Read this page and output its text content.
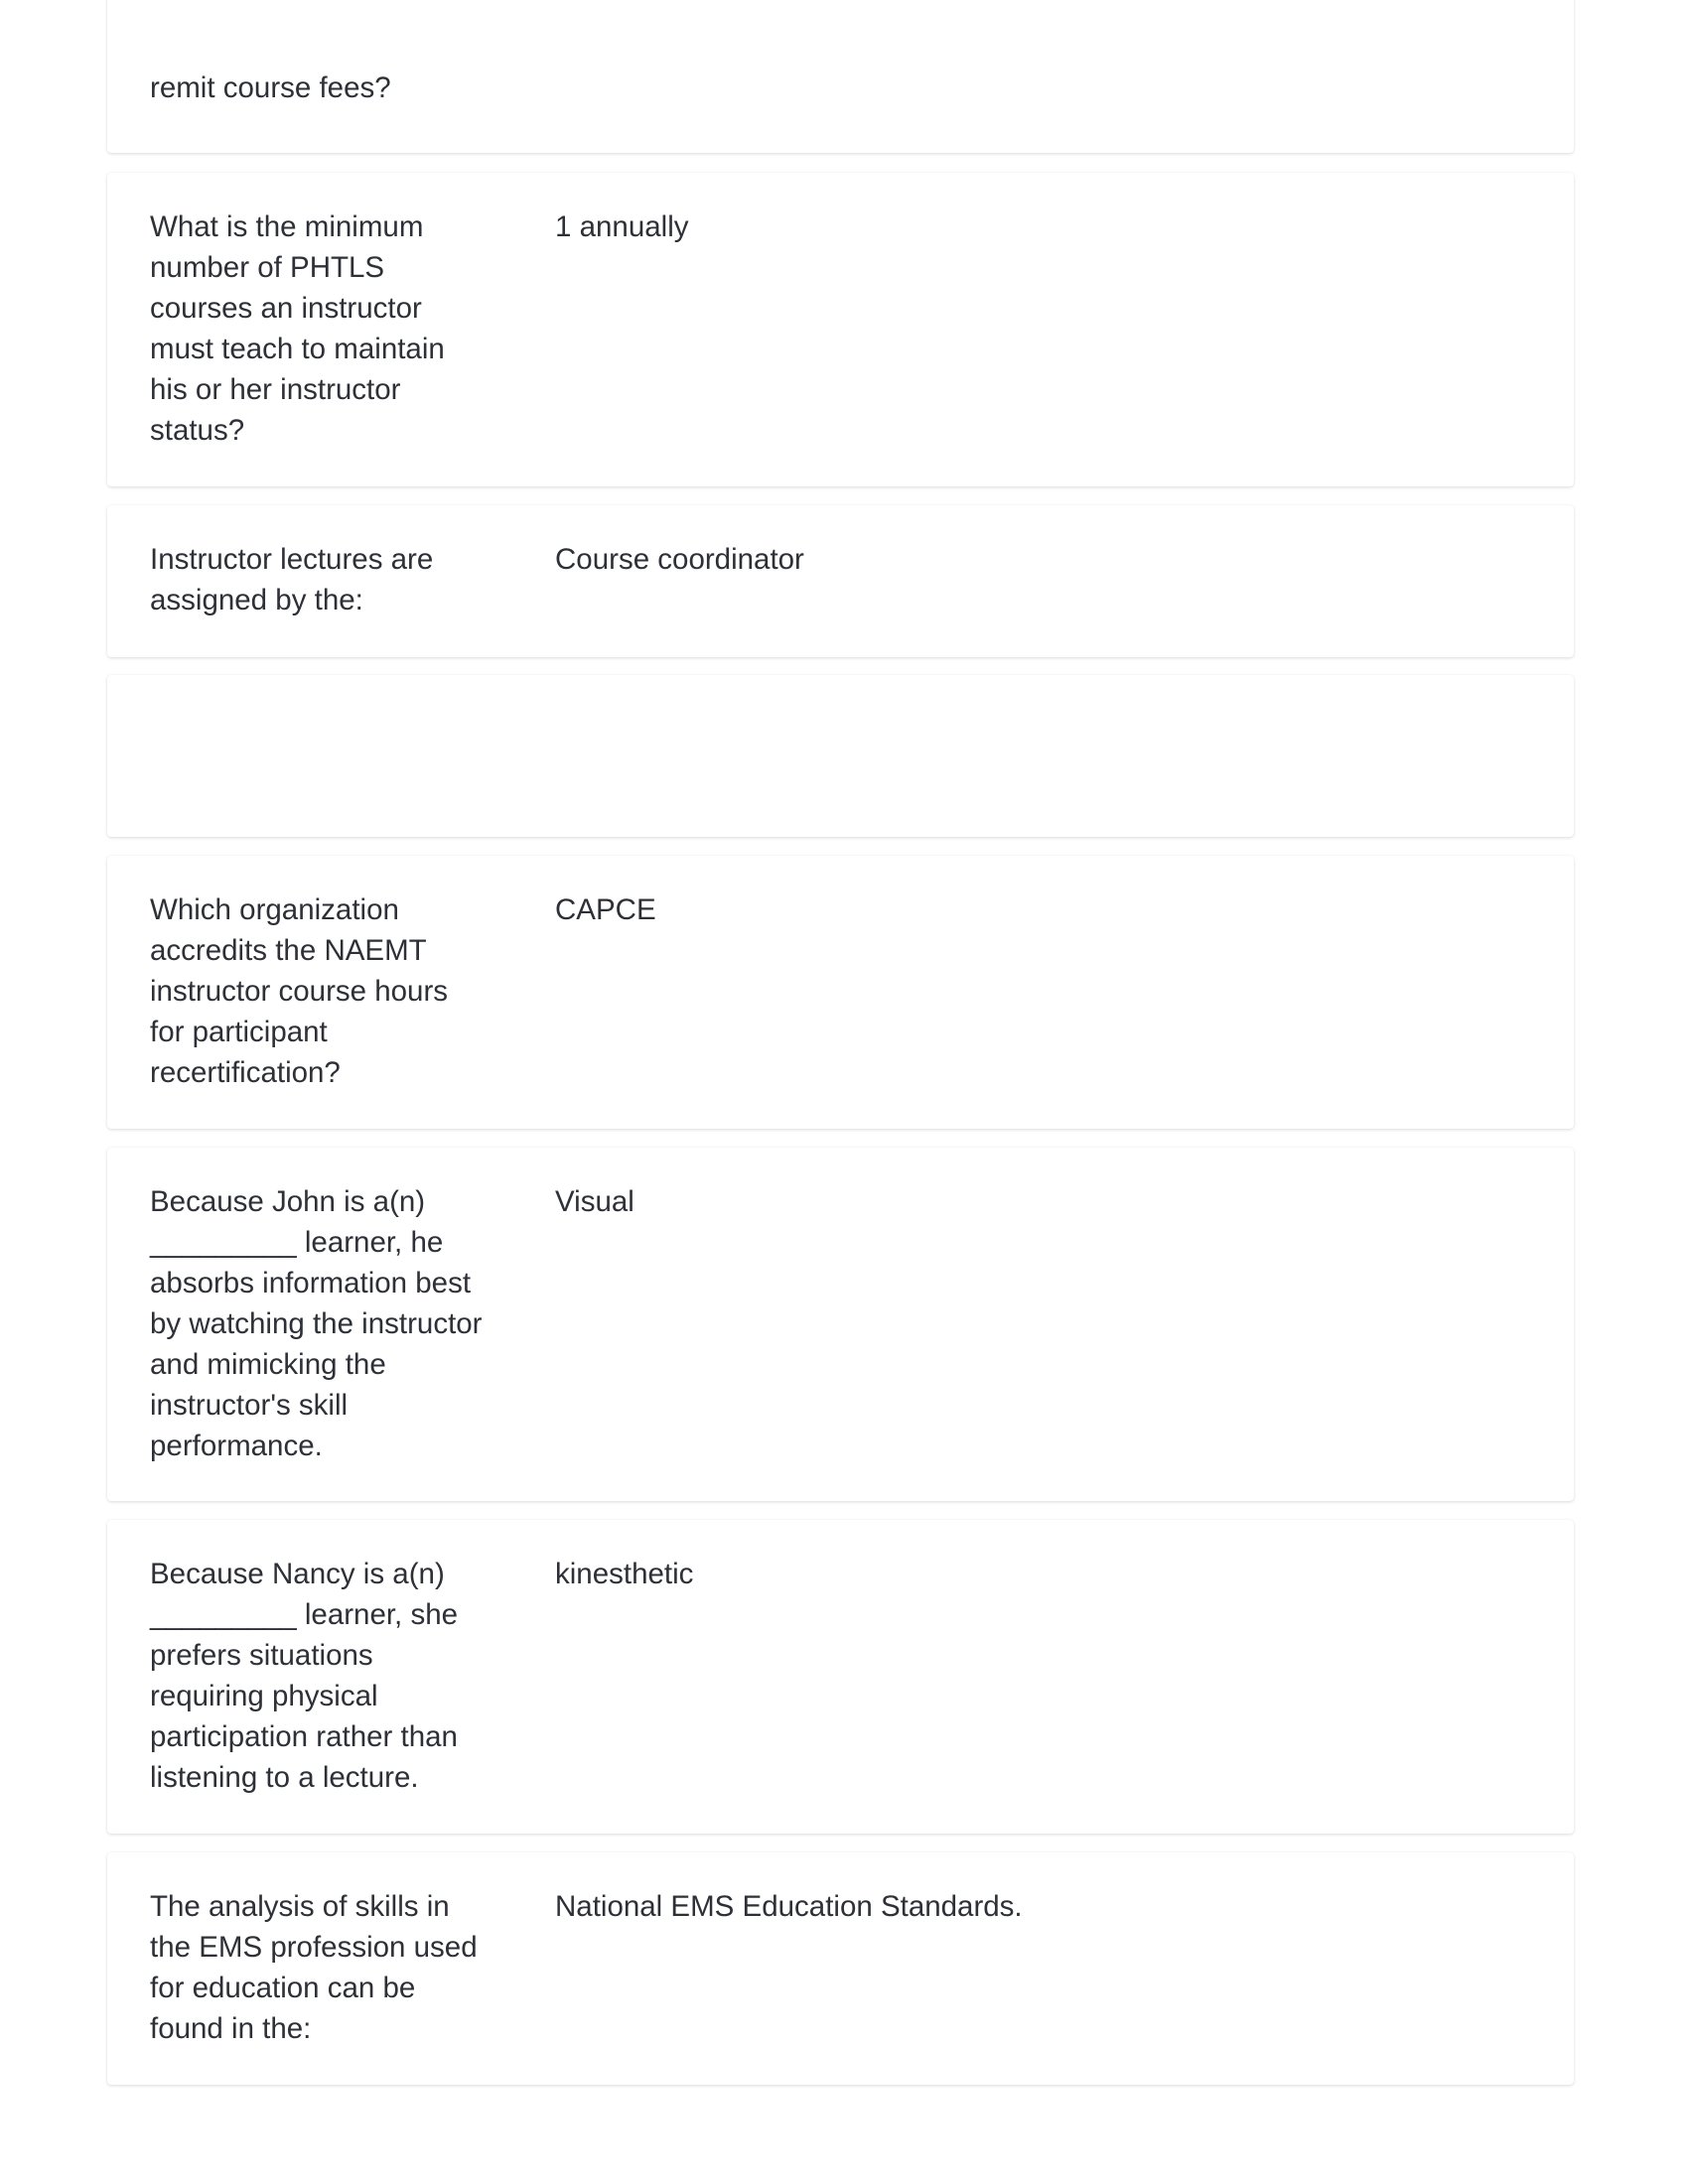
remit course fees?
What is the minimum number of PHTLS courses an instructor must teach to maintain his or her instructor status?
1 annually
Instructor lectures are assigned by the:
Course coordinator
Which organization accredits the NAEMT instructor course hours for participant recertification?
CAPCE
Because John is a(n) _________ learner, he absorbs information best by watching the instructor and mimicking the instructor's skill performance.
Visual
Because Nancy is a(n) _________ learner, she prefers situations requiring physical participation rather than listening to a lecture.
kinesthetic
The analysis of skills in the EMS profession used for education can be found in the:
National EMS Education Standards.
